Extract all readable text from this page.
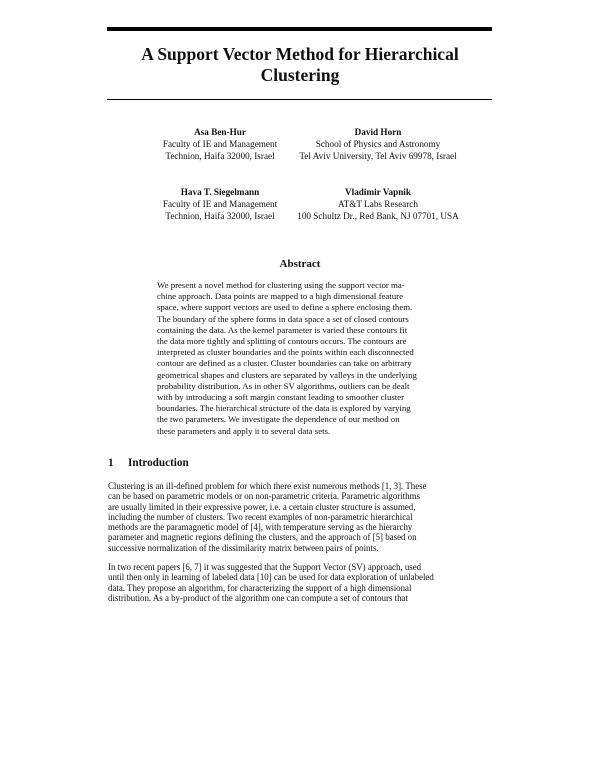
A Support Vector Method for Hierarchical
Clustering
Asa Ben-Hur
Faculty of IE and Management
Technion, Haifa 32000, Israel
David Horn
School of Physics and Astronomy
Tel Aviv University, Tel Aviv 69978, Israel
Hava T. Siegelmann
Faculty of IE and Management
Technion, Haifa 32000, Israel
Vladimir Vapnik
AT&T Labs Research
100 Schultz Dr., Red Bank, NJ 07701, USA
Abstract
We present a novel method for clustering using the support vector ma-
chine approach. Data points are mapped to a high dimensional feature
space, where support vectors are used to define a sphere enclosing them.
The boundary of the sphere forms in data space a set of closed contours
containing the data. As the kernel parameter is varied these contours fit
the data more tightly and splitting of contours occurs. The contours are
interpreted as cluster boundaries and the points within each disconnected
contour are defined as a cluster. Cluster boundaries can take on arbitrary
geometrical shapes and clusters are separated by valleys in the underlying
probability distribution. As in other SV algorithms, outliers can be dealt
with by introducing a soft margin constant leading to smoother cluster
boundaries. The hierarchical structure of the data is explored by varying
the two parameters. We investigate the dependence of our method on
these parameters and apply it to several data sets.
1 Introduction
Clustering is an ill-defined problem for which there exist numerous methods [1, 3]. These
can be based on parametric models or on non-parametric criteria. Parametric algorithms
are usually limited in their expressive power, i.e. a certain cluster structure is assumed,
including the number of clusters. Two recent examples of non-parametric hierarchical
methods are the paramagnetic model of [4], with temperature serving as the hierarchy
parameter and magnetic regions defining the clusters, and the approach of [5] based on
successive normalization of the dissimilarity matrix between pairs of points.
In two recent papers [6, 7] it was suggested that the Support Vector (SV) approach, used
until then only in learning of labeled data [10] can be used for data exploration of unlabeled
data. They propose an algorithm, for characterizing the support of a high dimensional
distribution. As a by-product of the algorithm one can compute a set of contours that
